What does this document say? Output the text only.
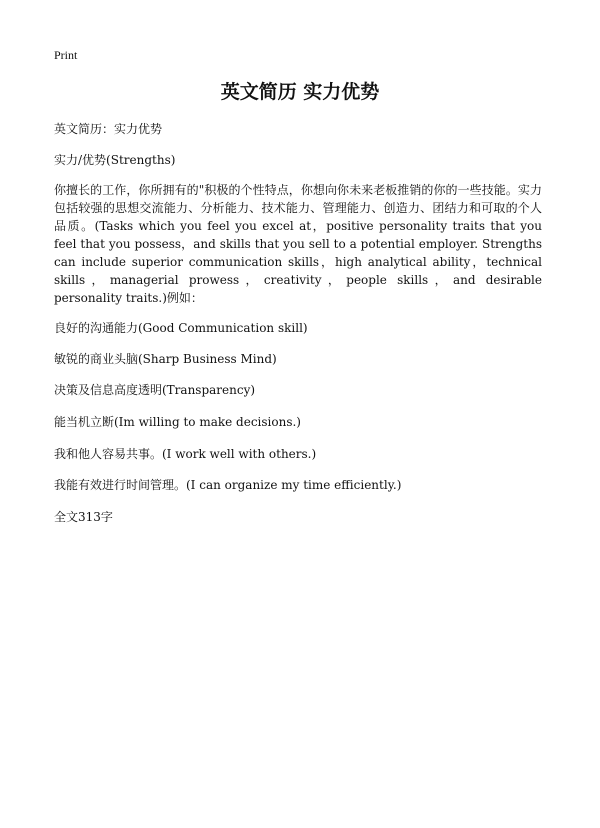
Print
英文简历 实力优势
英文简历：实力优势
实力/优势(Strengths)
你擅长的工作，你所拥有的"积极的个性特点，你想向你未来老板推销的你的一些技能。实力包括较强的思想交流能力、分析能力、技术能力、管理能力、创造力、团结力和可取的个人品质。(Tasks which you feel you excel at，positive personality traits that you feel that you possess，and skills that you sell to a potential employer. Strengths can include superior communication skills，high analytical ability，technical skills，managerial prowess，creativity，people skills，and desirable personality traits.)例如：
良好的沟通能力(Good Communication skill)
敏锐的商业头脑(Sharp Business Mind)
决策及信息高度透明(Transparency)
能当机立断(Im willing to make decisions.)
我和他人容易共事。(I work well with others.)
我能有效进行时间管理。(I can organize my time efficiently.)
全文313字
